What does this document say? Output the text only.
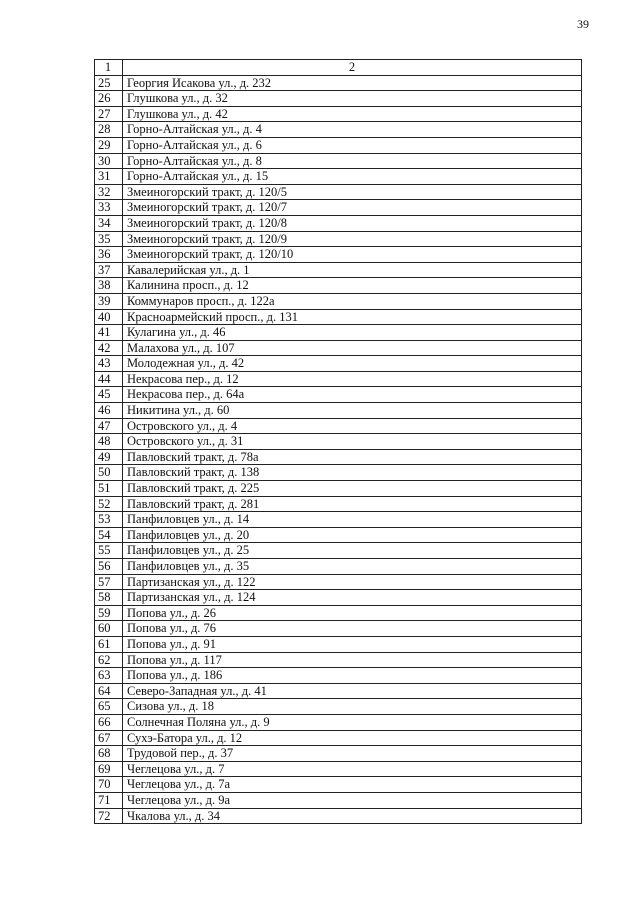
39
1	2
25	Георгия Исакова ул., д. 232
26	Глушкова ул., д. 32
27	Глушкова ул., д. 42
28	Горно-Алтайская ул., д. 4
29	Горно-Алтайская ул., д. 6
30	Горно-Алтайская ул., д. 8
31	Горно-Алтайская ул., д. 15
32	Змеиногорский тракт, д. 120/5
33	Змеиногорский тракт, д. 120/7
34	Змеиногорский тракт, д. 120/8
35	Змеиногорский тракт, д. 120/9
36	Змеиногорский тракт, д. 120/10
37	Кавалерийская ул., д. 1
38	Калинина просп., д. 12
39	Коммунаров просп., д. 122а
40	Красноармейский просп., д. 131
41	Кулагина ул., д. 46
42	Малахова ул., д. 107
43	Молодежная ул., д. 42
44	Некрасова пер., д. 12
45	Некрасова пер., д. 64а
46	Никитина ул., д. 60
47	Островского ул., д. 4
48	Островского ул., д. 31
49	Павловский тракт, д. 78а
50	Павловский тракт, д. 138
51	Павловский тракт, д. 225
52	Павловский тракт, д. 281
53	Панфиловцев ул., д. 14
54	Панфиловцев ул., д. 20
55	Панфиловцев ул., д. 25
56	Панфиловцев ул., д. 35
57	Партизанская ул., д. 122
58	Партизанская ул., д. 124
59	Попова ул., д. 26
60	Попова ул., д. 76
61	Попова ул., д. 91
62	Попова ул., д. 117
63	Попова ул., д. 186
64	Северо-Западная ул., д. 41
65	Сизова ул., д. 18
66	Солнечная Поляна ул., д. 9
67	Сухэ-Батора ул., д. 12
68	Трудовой пер., д. 37
69	Чеглецова ул., д. 7
70	Чеглецова ул., д. 7а
71	Чеглецова ул., д. 9а
72	Чкалова ул., д. 34
